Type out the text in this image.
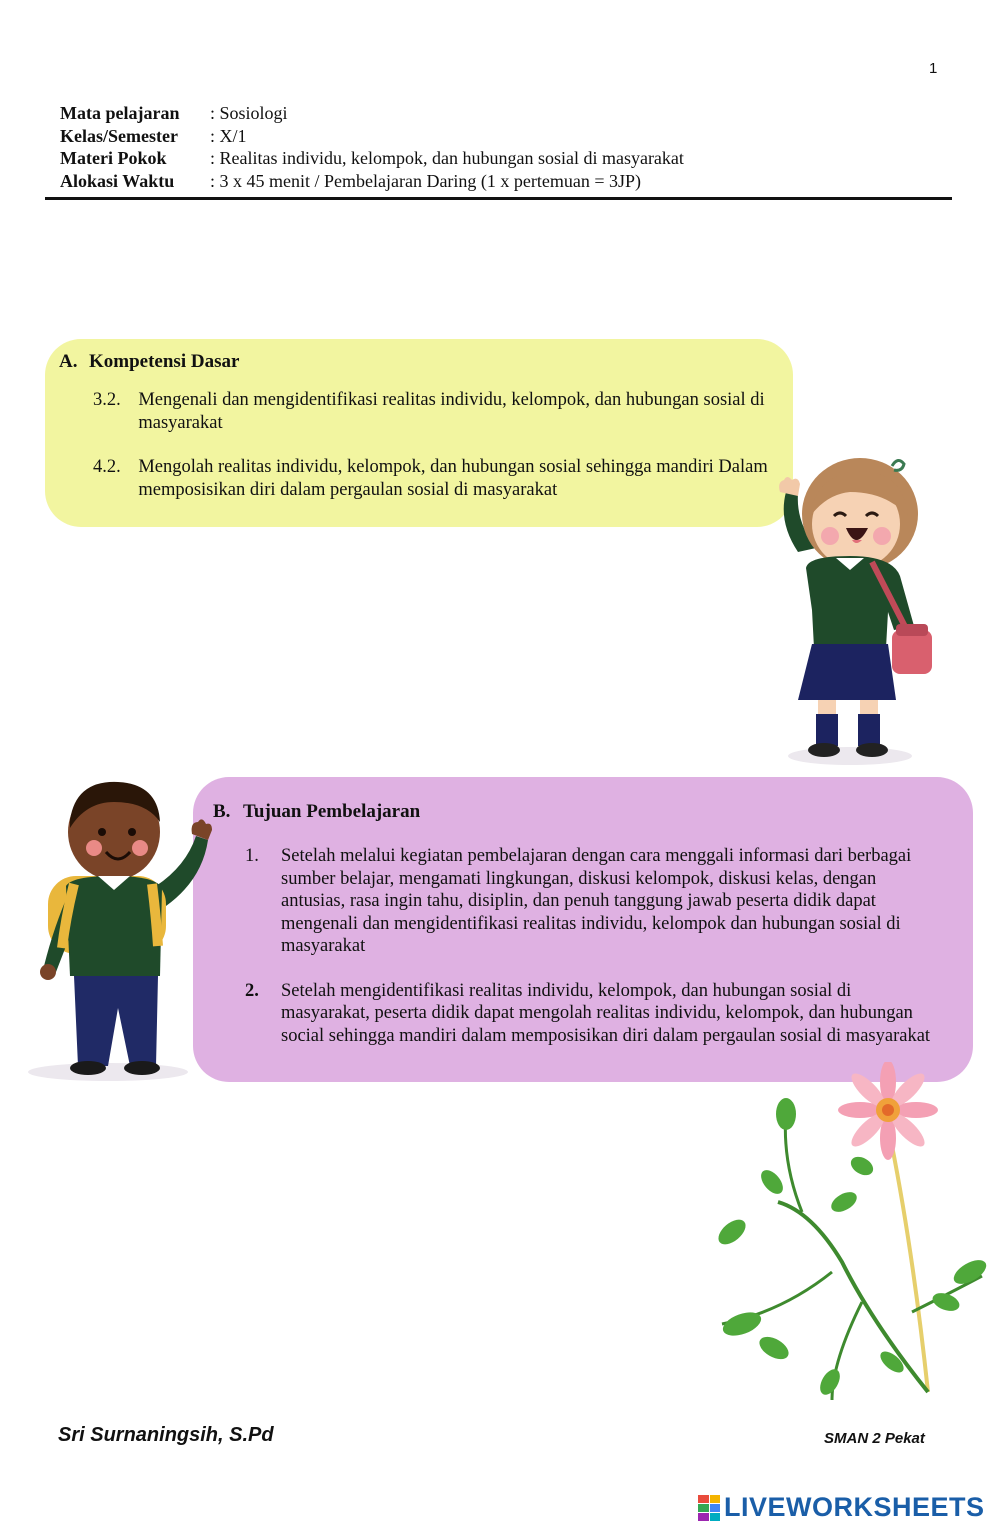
1
Mata pelajaran	: Sosiologi
Kelas/Semester	: X/1
Materi Pokok	: Realitas individu, kelompok, dan hubungan sosial di masyarakat
Alokasi Waktu	: 3 x 45 menit / Pembelajaran Daring (1 x pertemuan = 3JP)
A. Kompetensi Dasar
3.2. Mengenali dan mengidentifikasi realitas individu, kelompok, dan hubungan sosial di masyarakat
4.2. Mengolah realitas individu, kelompok, dan hubungan sosial sehingga mandiri Dalam memposisikan diri dalam pergaulan sosial di masyarakat
B. Tujuan Pembelajaran
1.	Setelah melalui kegiatan pembelajaran dengan cara menggali informasi dari berbagai sumber belajar, mengamati lingkungan, diskusi kelompok, diskusi kelas, dengan antusias, rasa ingin tahu, disiplin, dan penuh tanggung jawab peserta didik dapat mengenali dan mengidentifikasi realitas individu, kelompok dan hubungan sosial di masyarakat
2.	Setelah mengidentifikasi realitas individu, kelompok, dan hubungan sosial di masyarakat, peserta didik dapat mengolah realitas individu, kelompok, dan hubungan social sehingga mandiri dalam memposisikan diri dalam pergaulan sosial di masyarakat
Sri Surnaningsih, S.Pd	SMAN 2 Pekat
LIVEWORKSHEETS
